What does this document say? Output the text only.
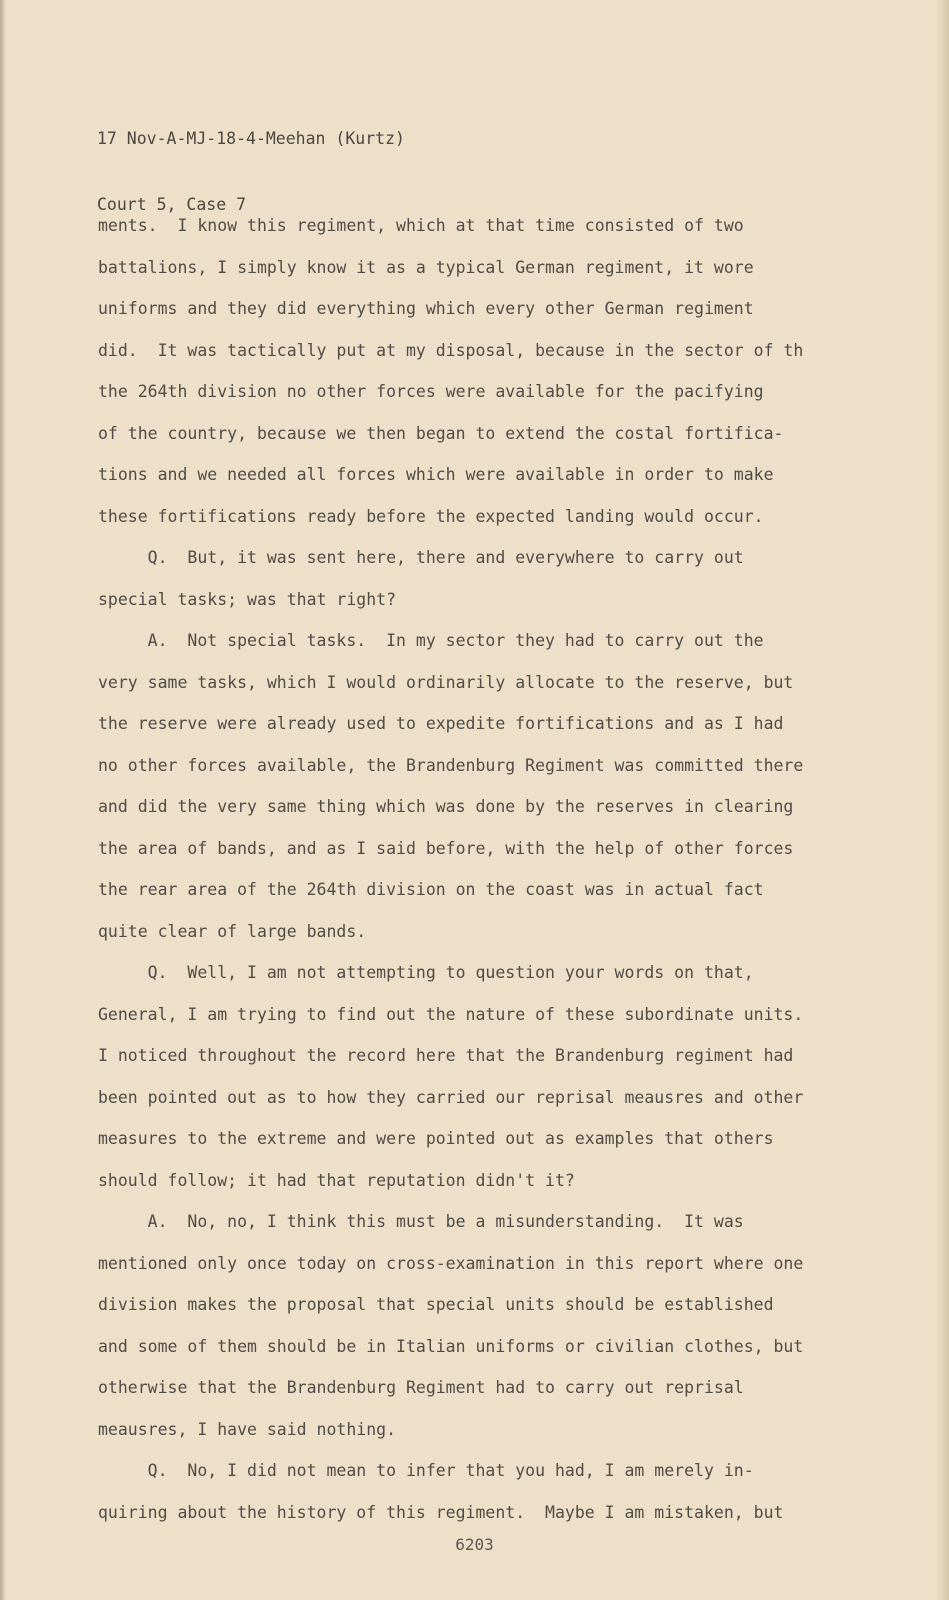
17 Nov-A-MJ-18-4-Meehan (Kurtz)

Court 5, Case 7

ments.  I know this regiment, which at that time consisted of two
battalions, I simply know it as a typical German regiment, it wore
uniforms and they did everything which every other German regiment
did.  It was tactically put at my disposal, because in the sector of th
the 264th division no other forces were available for the pacifying
of the country, because we then began to extend the costal fortifica-
tions and we needed all forces which were available in order to make
these fortifications ready before the expected landing would occur.
Q.  But, it was sent here, there and everywhere to carry out
special tasks; was that right?
A.  Not special tasks.  In my sector they had to carry out the
very same tasks, which I would ordinarily allocate to the reserve, but
the reserve were already used to expedite fortifications and as I had
no other forces available, the Brandenburg Regiment was committed there
and did the very same thing which was done by the reserves in clearing
the area of bands, and as I said before, with the help of other forces
the rear area of the 264th division on the coast was in actual fact
quite clear of large bands.
Q.  Well, I am not attempting to question your words on that,
General, I am trying to find out the nature of these subordinate units.
I noticed throughout the record here that the Brandenburg regiment had
been pointed out as to how they carried our reprisal meausres and other
measures to the extreme and were pointed out as examples that others
should follow; it had that reputation didn't it?
A.  No, no, I think this must be a misunderstanding.  It was
mentioned only once today on cross-examination in this report where one
division makes the proposal that special units should be established
and some of them should be in Italian uniforms or civilian clothes, but
otherwise that the Brandenburg Regiment had to carry out reprisal
meausres, I have said nothing.
Q.  No, I did not mean to infer that you had, I am merely in-
quiring about the history of this regiment.  Maybe I am mistaken, but
6203
